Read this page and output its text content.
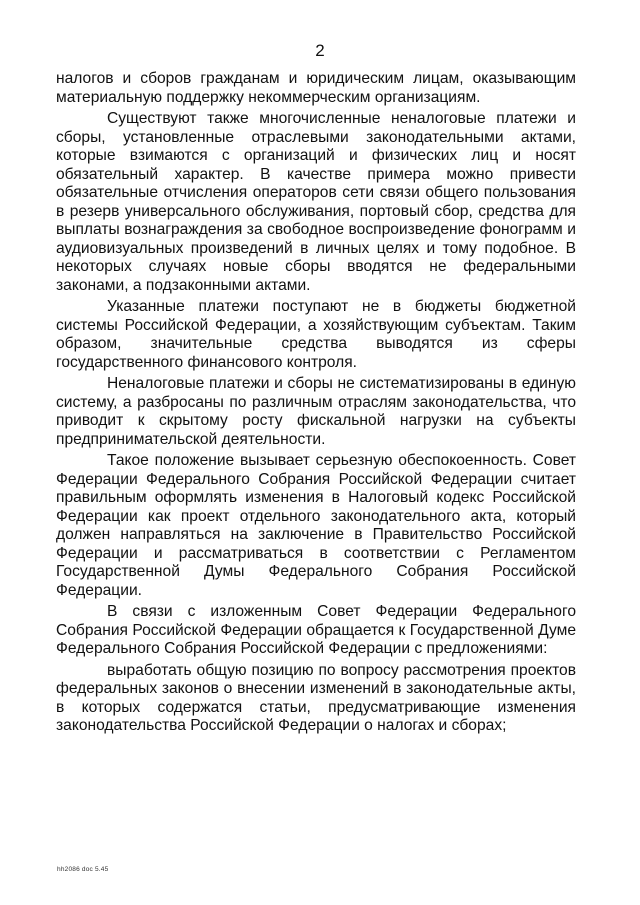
2

налогов и сборов гражданам и юридическим лицам, оказывающим материальную поддержку некоммерческим организациям.

Существуют также многочисленные неналоговые платежи и сборы, установленные отраслевыми законодательными актами, которые взимаются с организаций и физических лиц и носят обязательный характер. В качестве примера можно привести обязательные отчисления операторов сети связи общего пользования в резерв универсального обслуживания, портовый сбор, средства для выплаты вознаграждения за свободное воспроизведение фонограмм и аудиовизуальных произведений в личных целях и тому подобное. В некоторых случаях новые сборы вводятся не федеральными законами, а подзаконными актами.

Указанные платежи поступают не в бюджеты бюджетной системы Российской Федерации, а хозяйствующим субъектам. Таким образом, значительные средства выводятся из сферы государственного финансового контроля.

Неналоговые платежи и сборы не систематизированы в единую систему, а разбросаны по различным отраслям законодательства, что приводит к скрытому росту фискальной нагрузки на субъекты предпринимательской деятельности.

Такое положение вызывает серьезную обеспокоенность. Совет Федерации Федерального Собрания Российской Федерации считает правильным оформлять изменения в Налоговый кодекс Российской Федерации как проект отдельного законодательного акта, который должен направляться на заключение в Правительство Российской Федерации и рассматриваться в соответствии с Регламентом Государственной Думы Федерального Собрания Российской Федерации.

В связи с изложенным Совет Федерации Федерального Собрания Российской Федерации обращается к Государственной Думе Федерального Собрания Российской Федерации с предложениями:

выработать общую позицию по вопросу рассмотрения проектов федеральных законов о внесении изменений в законодательные акты, в которых содержатся статьи, предусматривающие изменения законодательства Российской Федерации о налогах и сборах;

hh2086 doc 5.45
